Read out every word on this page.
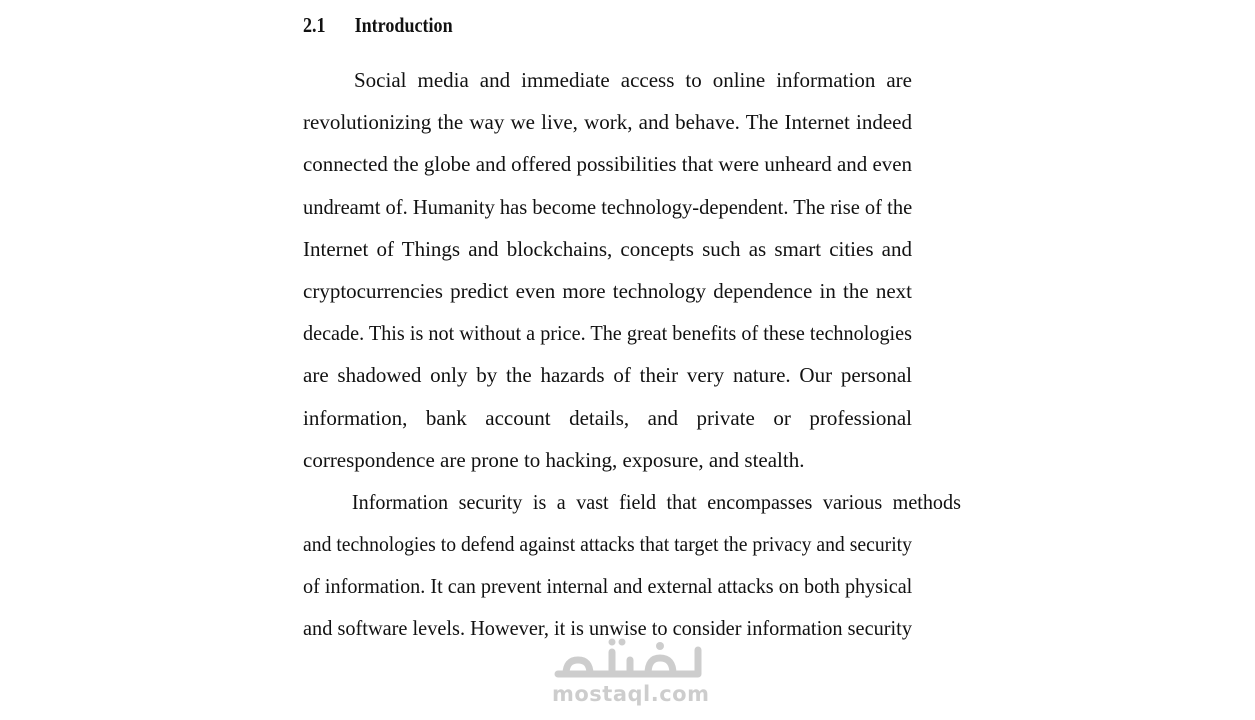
2.1 Introduction
Social media and immediate access to online information are
revolutionizing the way we live, work, and behave. The Internet indeed
connected the globe and offered possibilities that were unheard and even
undreamt of. Humanity has become technology-dependent. The rise of the
Internet of Things and blockchains, concepts such as smart cities and
cryptocurrencies predict even more technology dependence in the next
decade. This is not without a price. The great benefits of these technologies
are shadowed only by the hazards of their very nature. Our personal
information, bank account details, and private or professional
correspondence are prone to hacking, exposure, and stealth.
Information security is a vast field that encompasses various methods
and technologies to defend against attacks that target the privacy and security
of information. It can prevent internal and external attacks on both physical
and software levels. However, it is unwise to consider information security
mostaql.com
